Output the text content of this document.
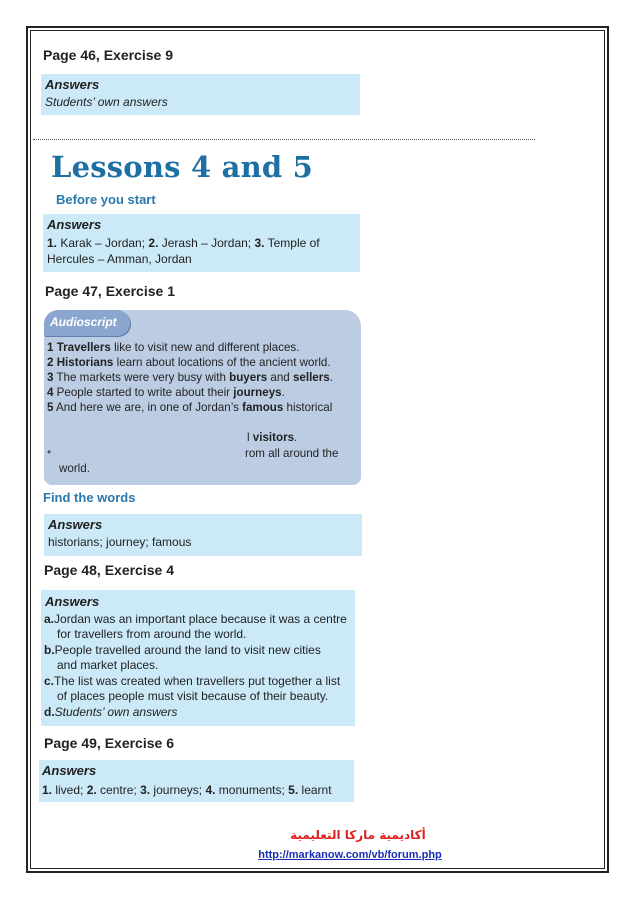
Page 46, Exercise 9
Answers
Students’ own answers
Lessons 4 and 5
Before you start
Answers
1. Karak – Jordan; 2. Jerash – Jordan; 3. Temple of
Hercules – Amman, Jordan
Page 47, Exercise 1
Audioscript
1 Travellers like to visit new and different places.
2 Historians learn about locations of the ancient world.
3 The markets were very busy with buyers and sellers.
4 People started to write about their journeys.
5 And here we are, in one of Jordan’s famous historical
l visitors.
•	rom all around the
world.
Find the words
Answers
historians; journey; famous
Page 48, Exercise 4
Answers
a.Jordan was an important place because it was a centre
for travellers from around the world.
b.People travelled around the land to visit new cities
and market places.
c.The list was created when travellers put together a list
of places people must visit because of their beauty.
d.Students’ own answers
Page 49, Exercise 6
Answers
1. lived; 2. centre; 3. journeys; 4. monuments; 5. learnt
أكاديمية ماركا التعليمية
http://markanow.com/vb/forum.php
